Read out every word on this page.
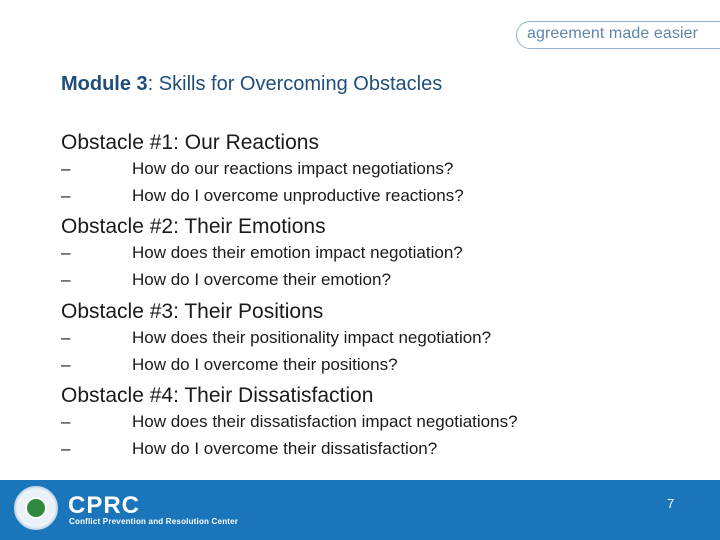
agreement made easier
Module 3: Skills for Overcoming Obstacles
Obstacle #1: Our Reactions
–	How do our reactions impact negotiations?
–	How do I overcome unproductive reactions?
Obstacle #2: Their Emotions
–	How does their emotion impact negotiation?
–	How do I overcome their emotion?
Obstacle #3: Their Positions
–	How does their positionality impact negotiation?
–	How do I overcome their positions?
Obstacle #4: Their Dissatisfaction
–	How does their dissatisfaction impact negotiations?
–	How do I overcome their dissatisfaction?
CPRC
Conflict Prevention and Resolution Center
7
